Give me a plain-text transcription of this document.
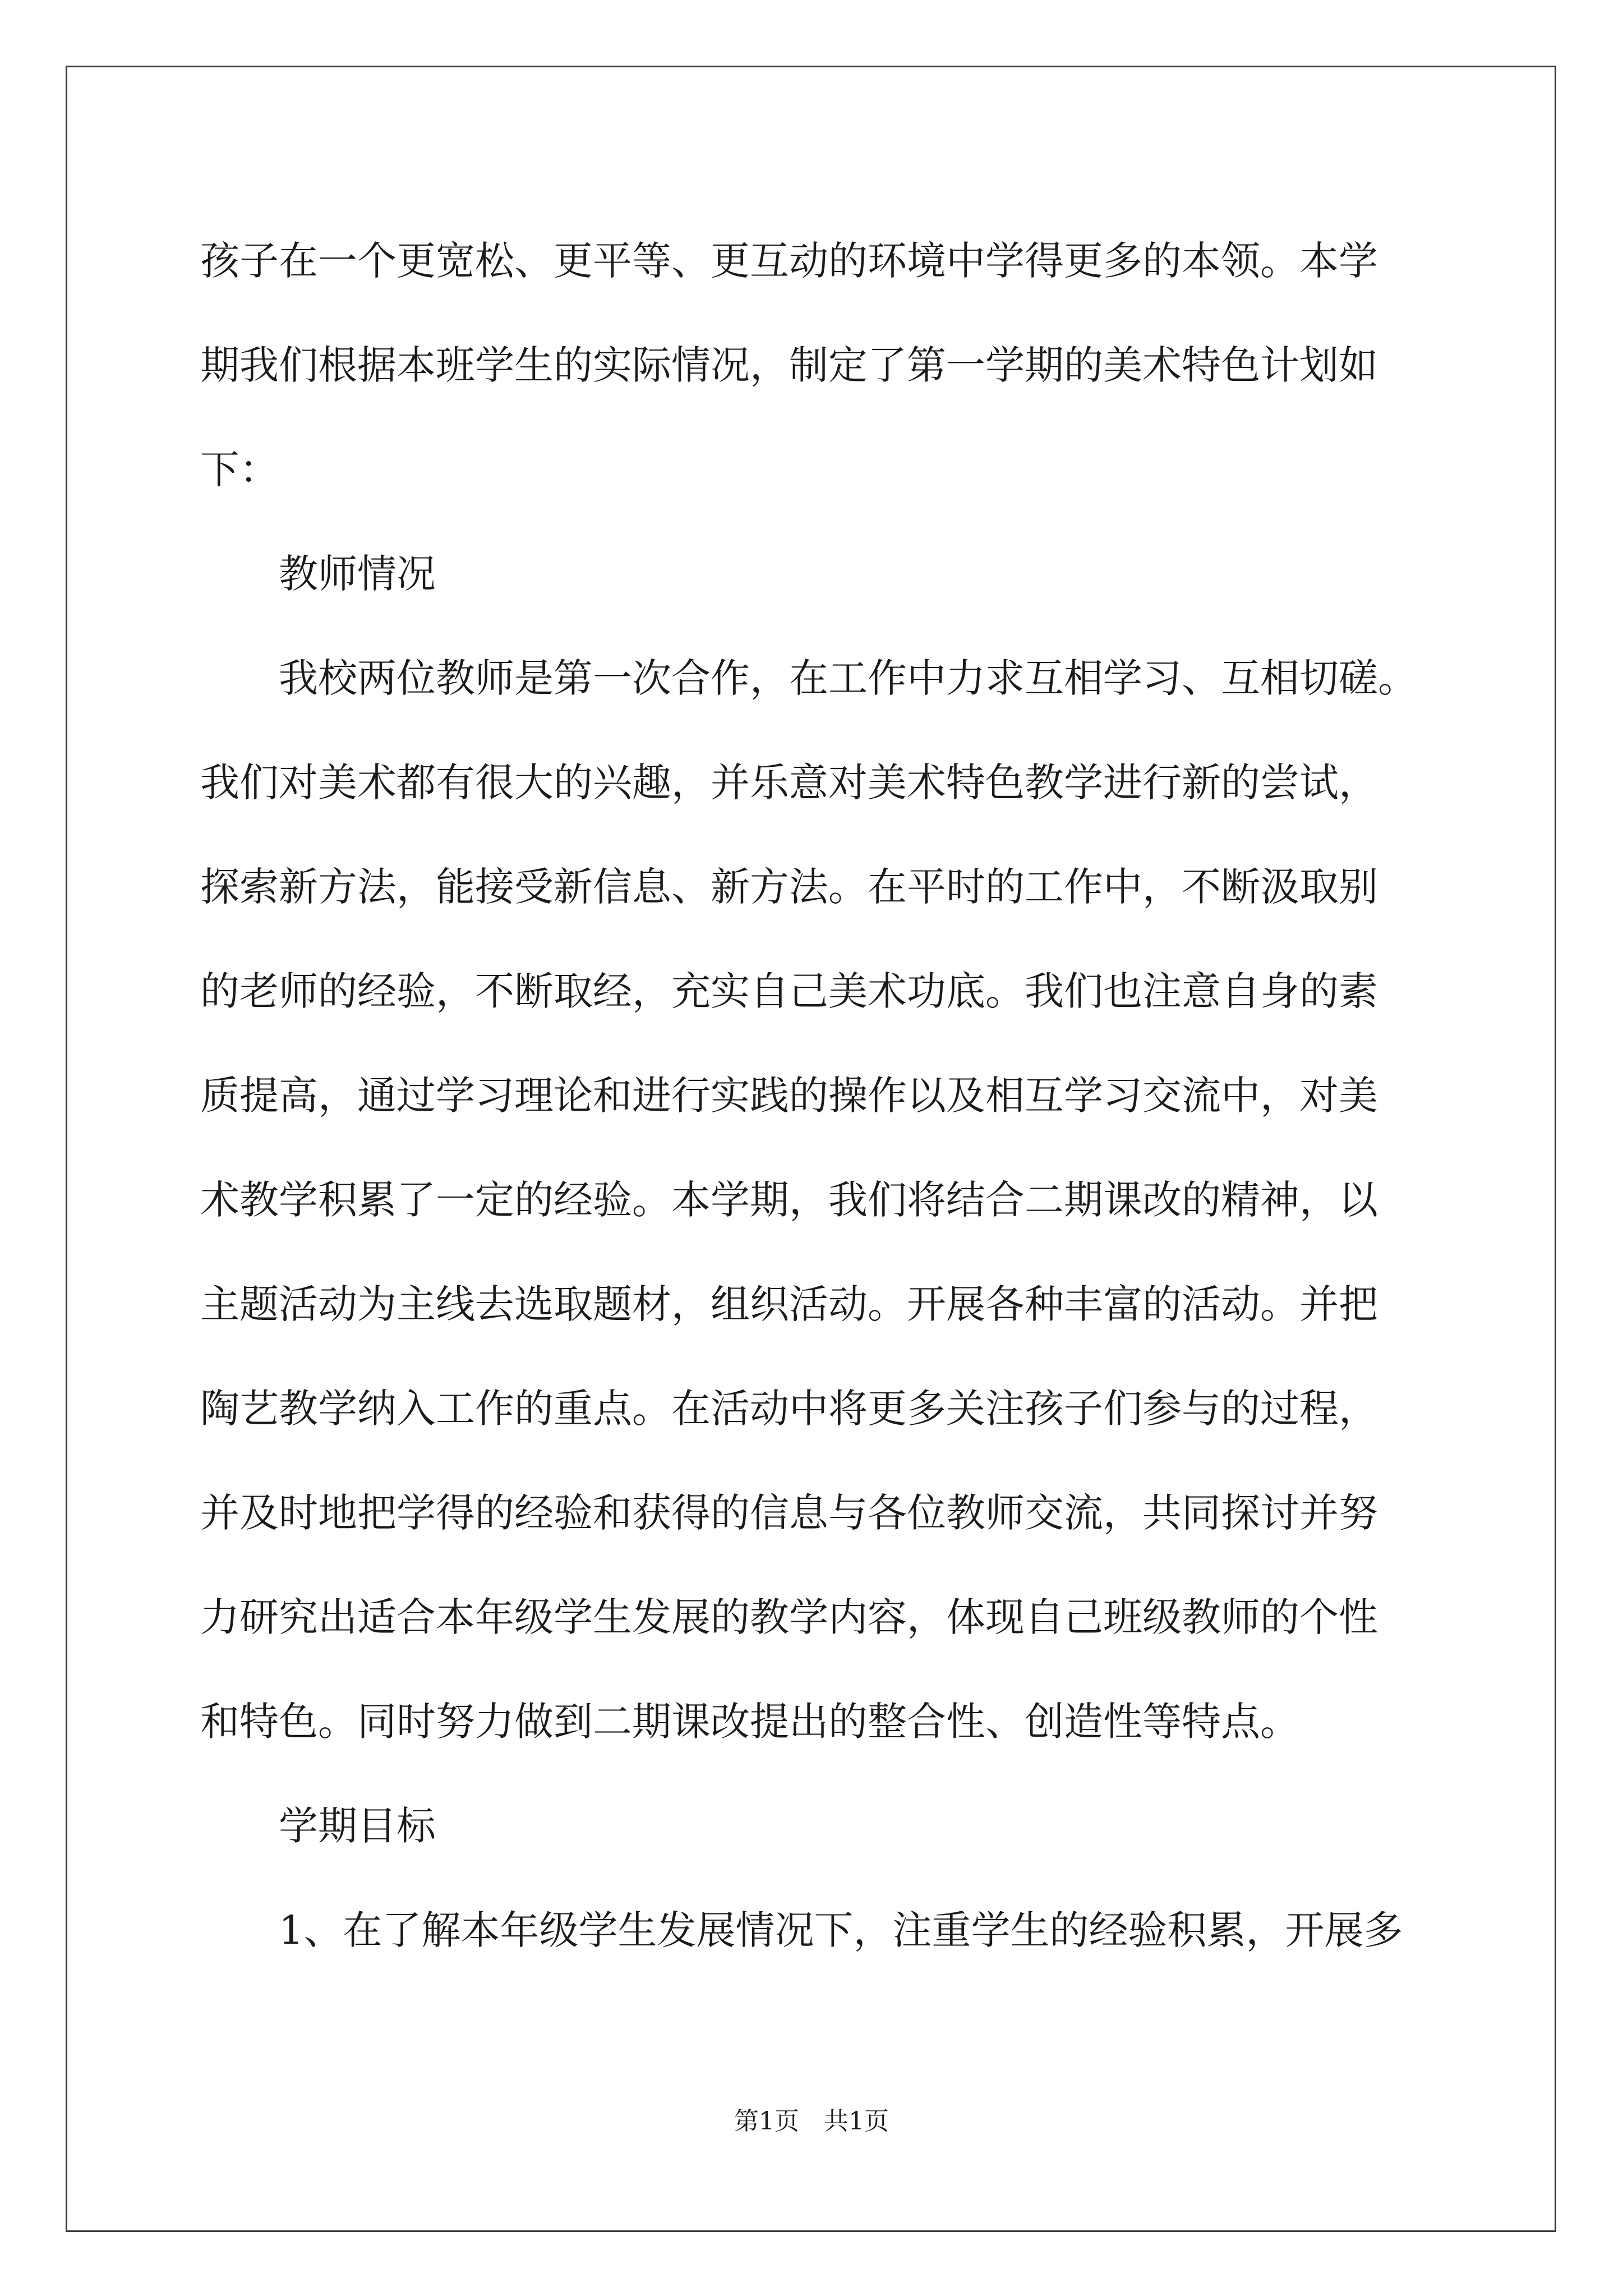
孩子在一个更宽松、更平等、更互动的环境中学得更多的本领。本学
期我们根据本班学生的实际情况，制定了第一学期的美术特色计划如
下：
教师情况
我校两位教师是第一次合作，在工作中力求互相学习、互相切磋。
我们对美术都有很大的兴趣，并乐意对美术特色教学进行新的尝试，
探索新方法，能接受新信息、新方法。在平时的工作中，不断汲取别
的老师的经验，不断取经，充实自己美术功底。我们也注意自身的素
质提高，通过学习理论和进行实践的操作以及相互学习交流中，对美
术教学积累了一定的经验。本学期，我们将结合二期课改的精神，以
主题活动为主线去选取题材，组织活动。开展各种丰富的活动。并把
陶艺教学纳入工作的重点。在活动中将更多关注孩子们参与的过程，
并及时地把学得的经验和获得的信息与各位教师交流，共同探讨并努
力研究出适合本年级学生发展的教学内容，体现自己班级教师的个性
和特色。同时努力做到二期课改提出的整合性、创造性等特点。
学期目标
1、在了解本年级学生发展情况下，注重学生的经验积累，开展多
第1页　共1页
